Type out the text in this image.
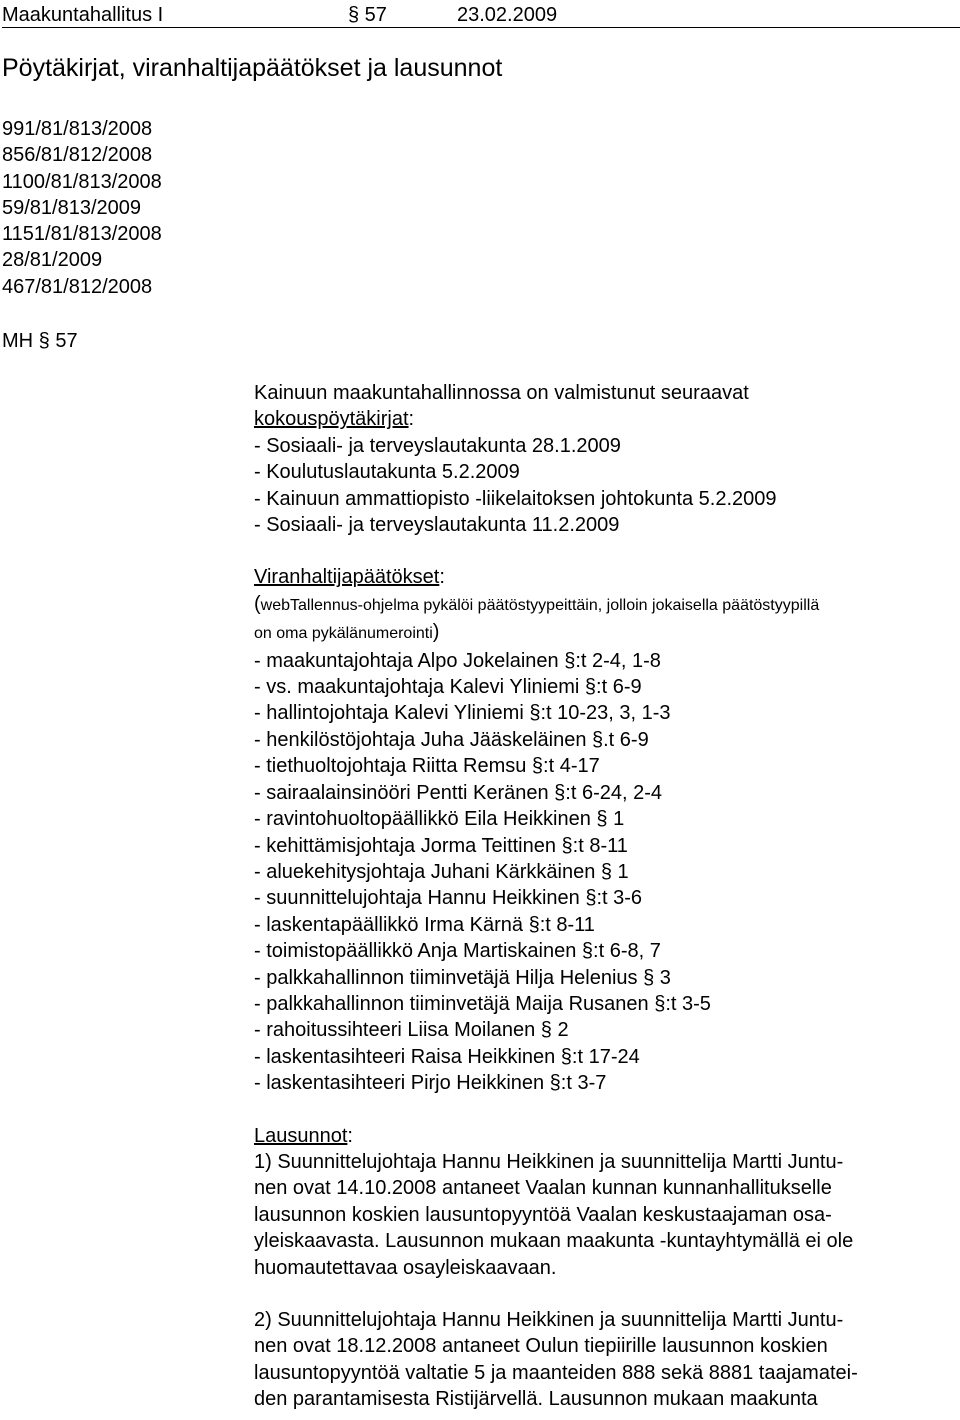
Maakuntahallitus I	§ 57	23.02.2009
Pöytäkirjat, viranhaltijapäätökset ja lausunnot
991/81/813/2008
856/81/812/2008
1100/81/813/2008
59/81/813/2009
1151/81/813/2008
28/81/2009
467/81/812/2008
MH § 57
Kainuun maakuntahallinnossa on valmistunut seuraavat
kokouspöytäkirjat:
- Sosiaali- ja terveyslautakunta 28.1.2009
- Koulutuslautakunta 5.2.2009
- Kainuun ammattiopisto -liikelaitoksen johtokunta 5.2.2009
- Sosiaali- ja terveyslautakunta 11.2.2009
Viranhaltijapäätökset:
(webTallennus-ohjelma pykälöi päätöstyypeittäin, jolloin jokaisella päätöstyypillä
on oma pykälänumerointi)
- maakuntajohtaja Alpo Jokelainen §:t 2-4, 1-8
- vs. maakuntajohtaja Kalevi Yliniemi §:t 6-9
- hallintojohtaja Kalevi Yliniemi §:t 10-23, 3, 1-3
- henkilöstöjohtaja Juha Jääskeläinen §.t 6-9
- tiethuoltojohtaja Riitta Remsu §:t 4-17
- sairaalainsinööri Pentti Keränen §:t 6-24, 2-4
- ravintohuoltopäällikkö Eila Heikkinen § 1
- kehittämisjohtaja Jorma Teittinen §:t 8-11
- aluekehitysjohtaja Juhani Kärkkäinen § 1
- suunnittelujohtaja Hannu Heikkinen §:t 3-6
- laskentapäällikkö Irma Kärnä §:t 8-11
- toimistopäällikkö Anja Martiskainen §:t 6-8, 7
- palkkahallinnon tiiminvetäjä Hilja Helenius § 3
- palkkahallinnon tiiminvetäjä Maija Rusanen §:t 3-5
- rahoitussihteeri Liisa Moilanen § 2
- laskentasihteeri Raisa Heikkinen §:t 17-24
- laskentasihteeri Pirjo Heikkinen §:t 3-7
Lausunnot:
1) Suunnittelujohtaja Hannu Heikkinen ja suunnittelija Martti Juntu-
nen ovat 14.10.2008 antaneet Vaalan kunnan kunnanhallitukselle
lausunnon koskien lausuntopyyntöä Vaalan keskustaajaman osa-
yleiskaavasta. Lausunnon mukaan maakunta -kuntayhtymällä ei ole
huomautettavaa osayleiskaavaan.
2) Suunnittelujohtaja Hannu Heikkinen ja suunnittelija Martti Juntu-
nen ovat 18.12.2008 antaneet Oulun tiepiirille lausunnon koskien
lausuntopyyntöä valtatie 5 ja maanteiden 888 sekä 8881 taajamatei-
den parantamisesta Ristijärvellä. Lausunnon mukaan maakunta
